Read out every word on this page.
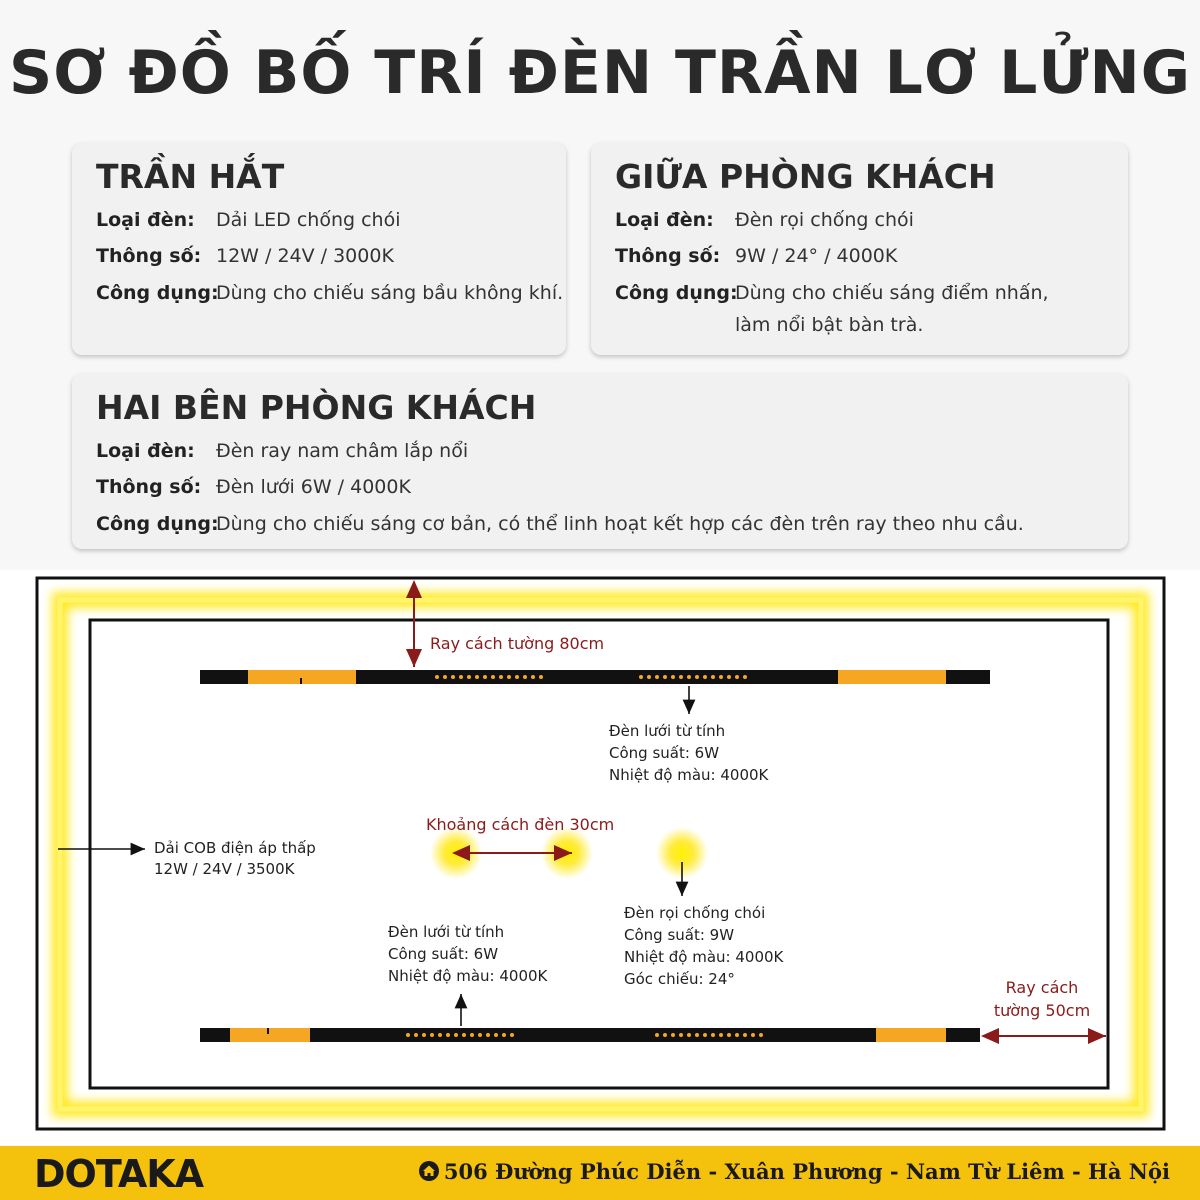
SƠ ĐỒ BỐ TRÍ ĐÈN TRẦN LƠ LỬNG
TRẦN HẮT
Loại đèn: Dải LED chống chói
Thông số: 12W / 24V / 3000K
Công dụng:
Dùng cho chiếu sáng bầu không khí.
GIỮA PHÒNG KHÁCH
Loại đèn: Đèn rọi chống chói
Thông số: 9W / 24° / 4000K
Công dụng:
Dùng cho chiếu sáng điểm nhấn,
làm nổi bật bàn trà.
HAI BÊN PHÒNG KHÁCH
Loại đèn: Đèn ray nam châm lắp nổi
Thông số: Đèn lưới 6W / 4000K
Công dụng:
Dùng cho chiếu sáng cơ bản, có thể linh hoạt kết hợp các đèn trên ray theo nhu cầu.
Ray cách tường 80cm
Đèn lưới từ tính
Công suất: 6W
Nhiệt độ màu: 4000K
Dải COB điện áp thấp
12W / 24V / 3500K
Khoảng cách đèn 30cm
Đèn rọi chống chói
Công suất: 9W
Nhiệt độ màu: 4000K
Góc chiếu: 24°
Đèn lưới từ tính
Công suất: 6W
Nhiệt độ màu: 4000K
Ray cách
tường 50cm
DOTAKA	506 Đường Phúc Diễn - Xuân Phương - Nam Từ Liêm - Hà Nội
